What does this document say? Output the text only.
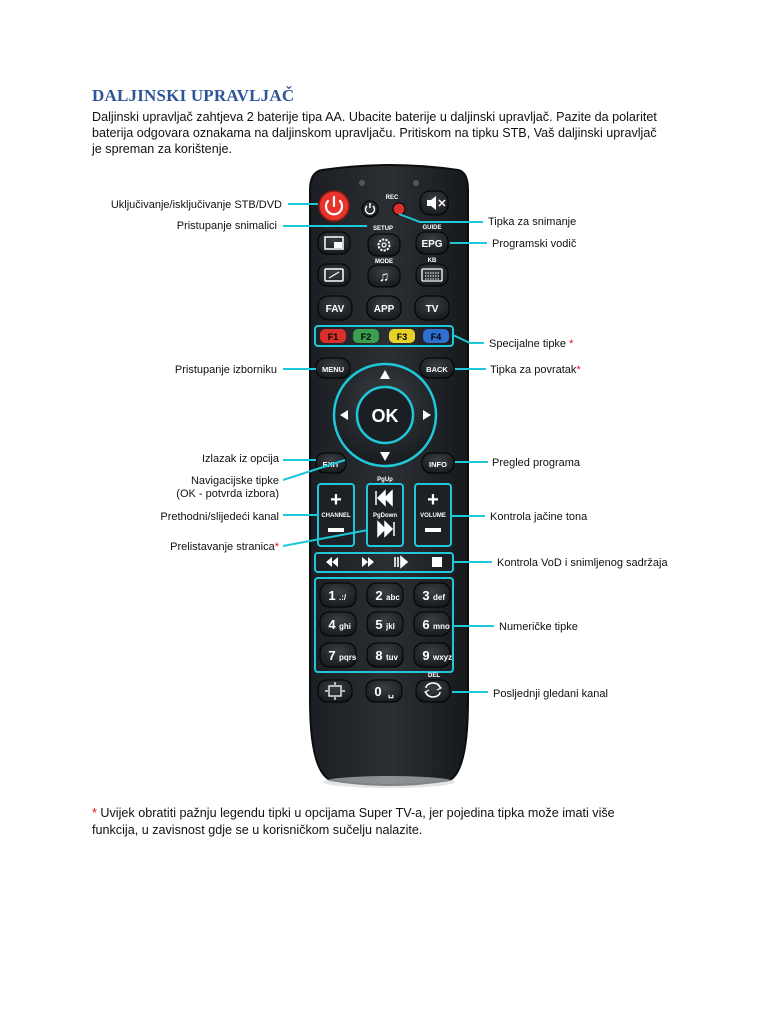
DALJINSKI UPRAVLJAČ

Daljinski upravljač zahtjeva 2 baterije tipa AA. Ubacite baterije u daljinski upravljač. Pazite da polaritet

baterija odgovara oznakama na daljinskom upravljaču. Pritiskom na tipku STB, Vaš daljinski upravljač

je spreman za korištenje.

REC
SETUP	GUIDE
EPG
MODE
♫
KB
FAV	APP	TV
F1 F2	F3	F4
MENU	BACK
OK
EXIT	INFO
+
CHANNEL
PgUp
PgDown
+
VOLUME
1 .:/ 2 abc 3 def
4 ghi 5 jkl 6 mno
7 pqrs 8 tuv 9 wxyz
0 ␣
DEL
Uključivanje/isključivanje STB/DVD
Pristupanje snimalici	Tipka za snimanje
Programski vodič
Specijalne tipke *
Pristupanje izborniku	Tipka za povratak*
Izlazak iz opcija	Pregled programa
Navigacijske tipke
(OK - potvrda izbora)
Prethodni/slijedeći kanal	Kontrola jačine tona
Prelistavanje stranica*
Kontrola VoD i snimljenog sadržaja
Numeričke tipke
Posljednji gledani kanal
* Uvijek obratiti pažnju legendu tipki u opcijama Super TV-a, jer pojedina tipka može imati više
funkcija, u zavisnost gdje se u korisničkom sučelju nalazite.
